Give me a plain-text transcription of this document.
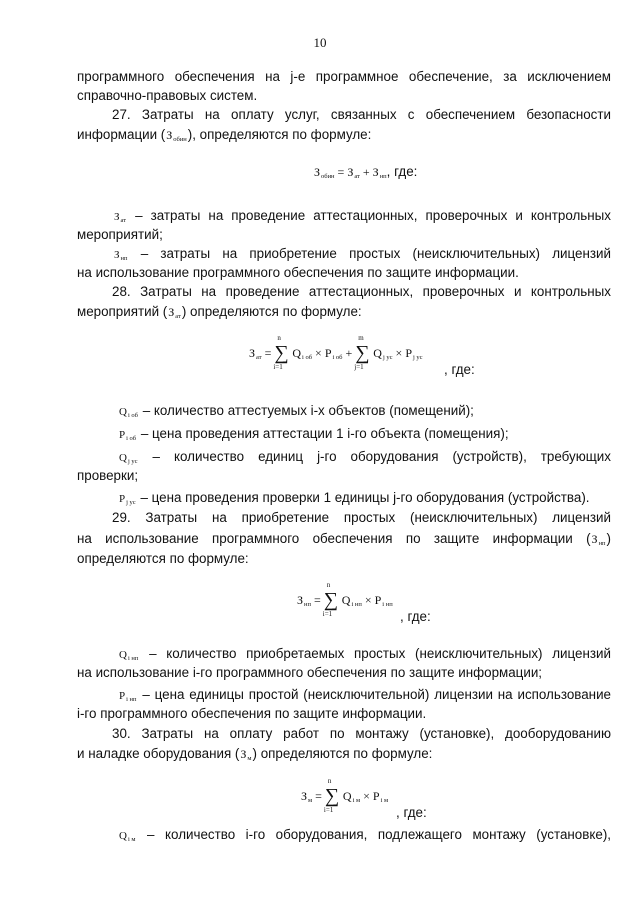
10
программного обеспечения на j-е программное обеспечение, за исключением
справочно-правовых систем.
27. Затраты на оплату услуг, связанных с обеспечением безопасности
информации $(З_{обин})$, определяются по формуле:
Зобин = Зат + Знп, где:
$З_{ат}$ – затраты на проведение аттестационных, проверочных и контрольных
мероприятий;
$З_{нп}$ – затраты на приобретение простых (неисключительных) лицензий
на использование программного обеспечения по защите информации.
28. Затраты на проведение аттестационных, проверочных и контрольных
мероприятий $(З_{ат})$ определяются по формуле:
Зат =
n
∑
i=1
Qi об × Pi об +
m
∑
j=1
Qj ус × Pj ус
, где:
$Q_{i об}$ – количество аттестуемых i-х объектов (помещений);
$P_{i об}$ – цена проведения аттестации 1 i-го объекта (помещения);
$Q_{j ус}$ – количество единиц j-го оборудования (устройств), требующих
проверки;
$P_{j ус}$ – цена проведения проверки 1 единицы j-го оборудования (устройства).
29. Затраты на приобретение простых (неисключительных) лицензий
на использование программного обеспечения по защите информации $(З_{нп})$
определяются по формуле:
Знп =
n
∑
i=1
Qi нп × Pi нп
, где:
$Q_{i нп}$ – количество приобретаемых простых (неисключительных) лицензий
на использование i-го программного обеспечения по защите информации;
$P_{i нп}$ – цена единицы простой (неисключительной) лицензии на использование
i-го программного обеспечения по защите информации.
30. Затраты на оплату работ по монтажу (установке), дооборудованию
и наладке оборудования $(З_м)$ определяются по формуле:
Зм =
n
∑
i=1
Qi м × Pi м
, где:
$Q_{i м}$ – количество i-го оборудования, подлежащего монтажу (установке),
